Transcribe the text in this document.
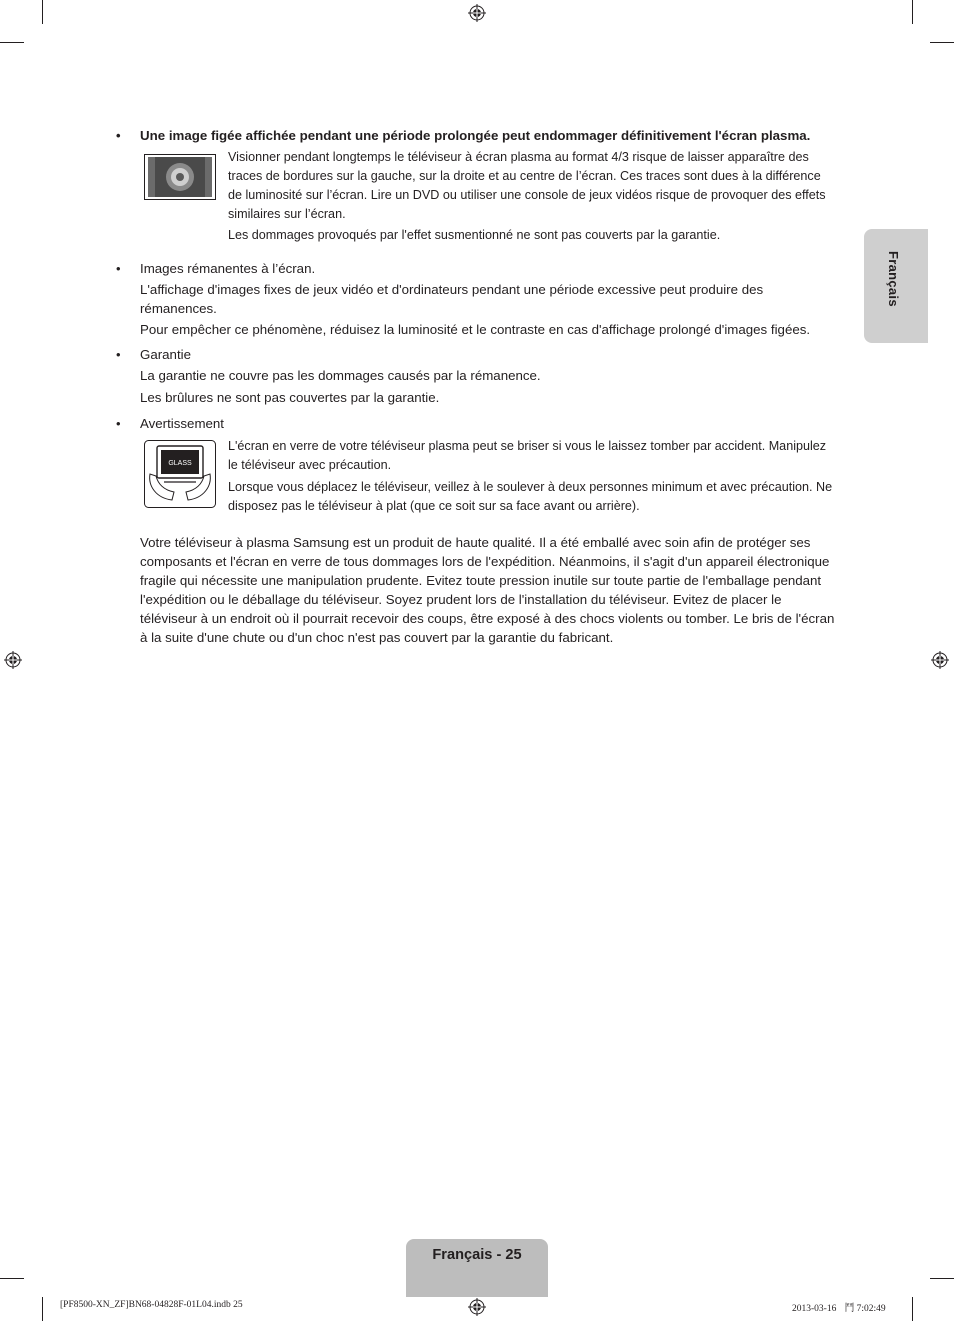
Français
• Une image figée affichée pendant une période prolongée peut endommager définitivement l'écran plasma.

Visionner pendant longtemps le téléviseur à écran plasma au format 4/3 risque de laisser apparaître des traces de bordures sur la gauche, sur la droite et au centre de l’écran. Ces traces sont dues à la différence de luminosité sur l’écran. Lire un DVD ou utiliser une console de jeux vidéos risque de provoquer des effets similaires sur l’écran.

Les dommages provoqués par l'effet susmentionné ne sont pas couverts par la garantie.

• Images rémanentes à l’écran.

L'affichage d'images fixes de jeux vidéo et d'ordinateurs pendant une période excessive peut produire des rémanences.

Pour empêcher ce phénomène, réduisez la luminosité et le contraste en cas d'affichage prolongé d'images figées.

• Garantie

La garantie ne couvre pas les dommages causés par la rémanence.

Les brûlures ne sont pas couvertes par la garantie.

• Avertissement
GLASS

L'écran en verre de votre téléviseur plasma peut se briser si vous le laissez tomber par accident. Manipulez le téléviseur avec précaution.

Lorsque vous déplacez le téléviseur, veillez à le soulever à deux personnes minimum et avec précaution. Ne disposez pas le téléviseur à plat (que ce soit sur sa face avant ou arrière).

Votre téléviseur à plasma Samsung est un produit de haute qualité. Il a été emballé avec soin afin de protéger ses composants et l'écran en verre de tous dommages lors de l'expédition. Néanmoins, il s'agit d'un appareil électronique fragile qui nécessite une manipulation prudente. Evitez toute pression inutile sur toute partie de l'emballage pendant l'expédition ou le déballage du téléviseur. Soyez prudent lors de l'installation du téléviseur. Evitez de placer le téléviseur à un endroit où il pourrait recevoir des coups, être exposé à des chocs violents ou tomber. Le bris de l'écran à la suite d'une chute ou d'un choc n'est pas couvert par la garantie du fabricant.

Français - 25
[PF8500-XN_ZF]BN68-04828F-01L04.indb 25	2013-03-16 ⾾ 7:02:49
